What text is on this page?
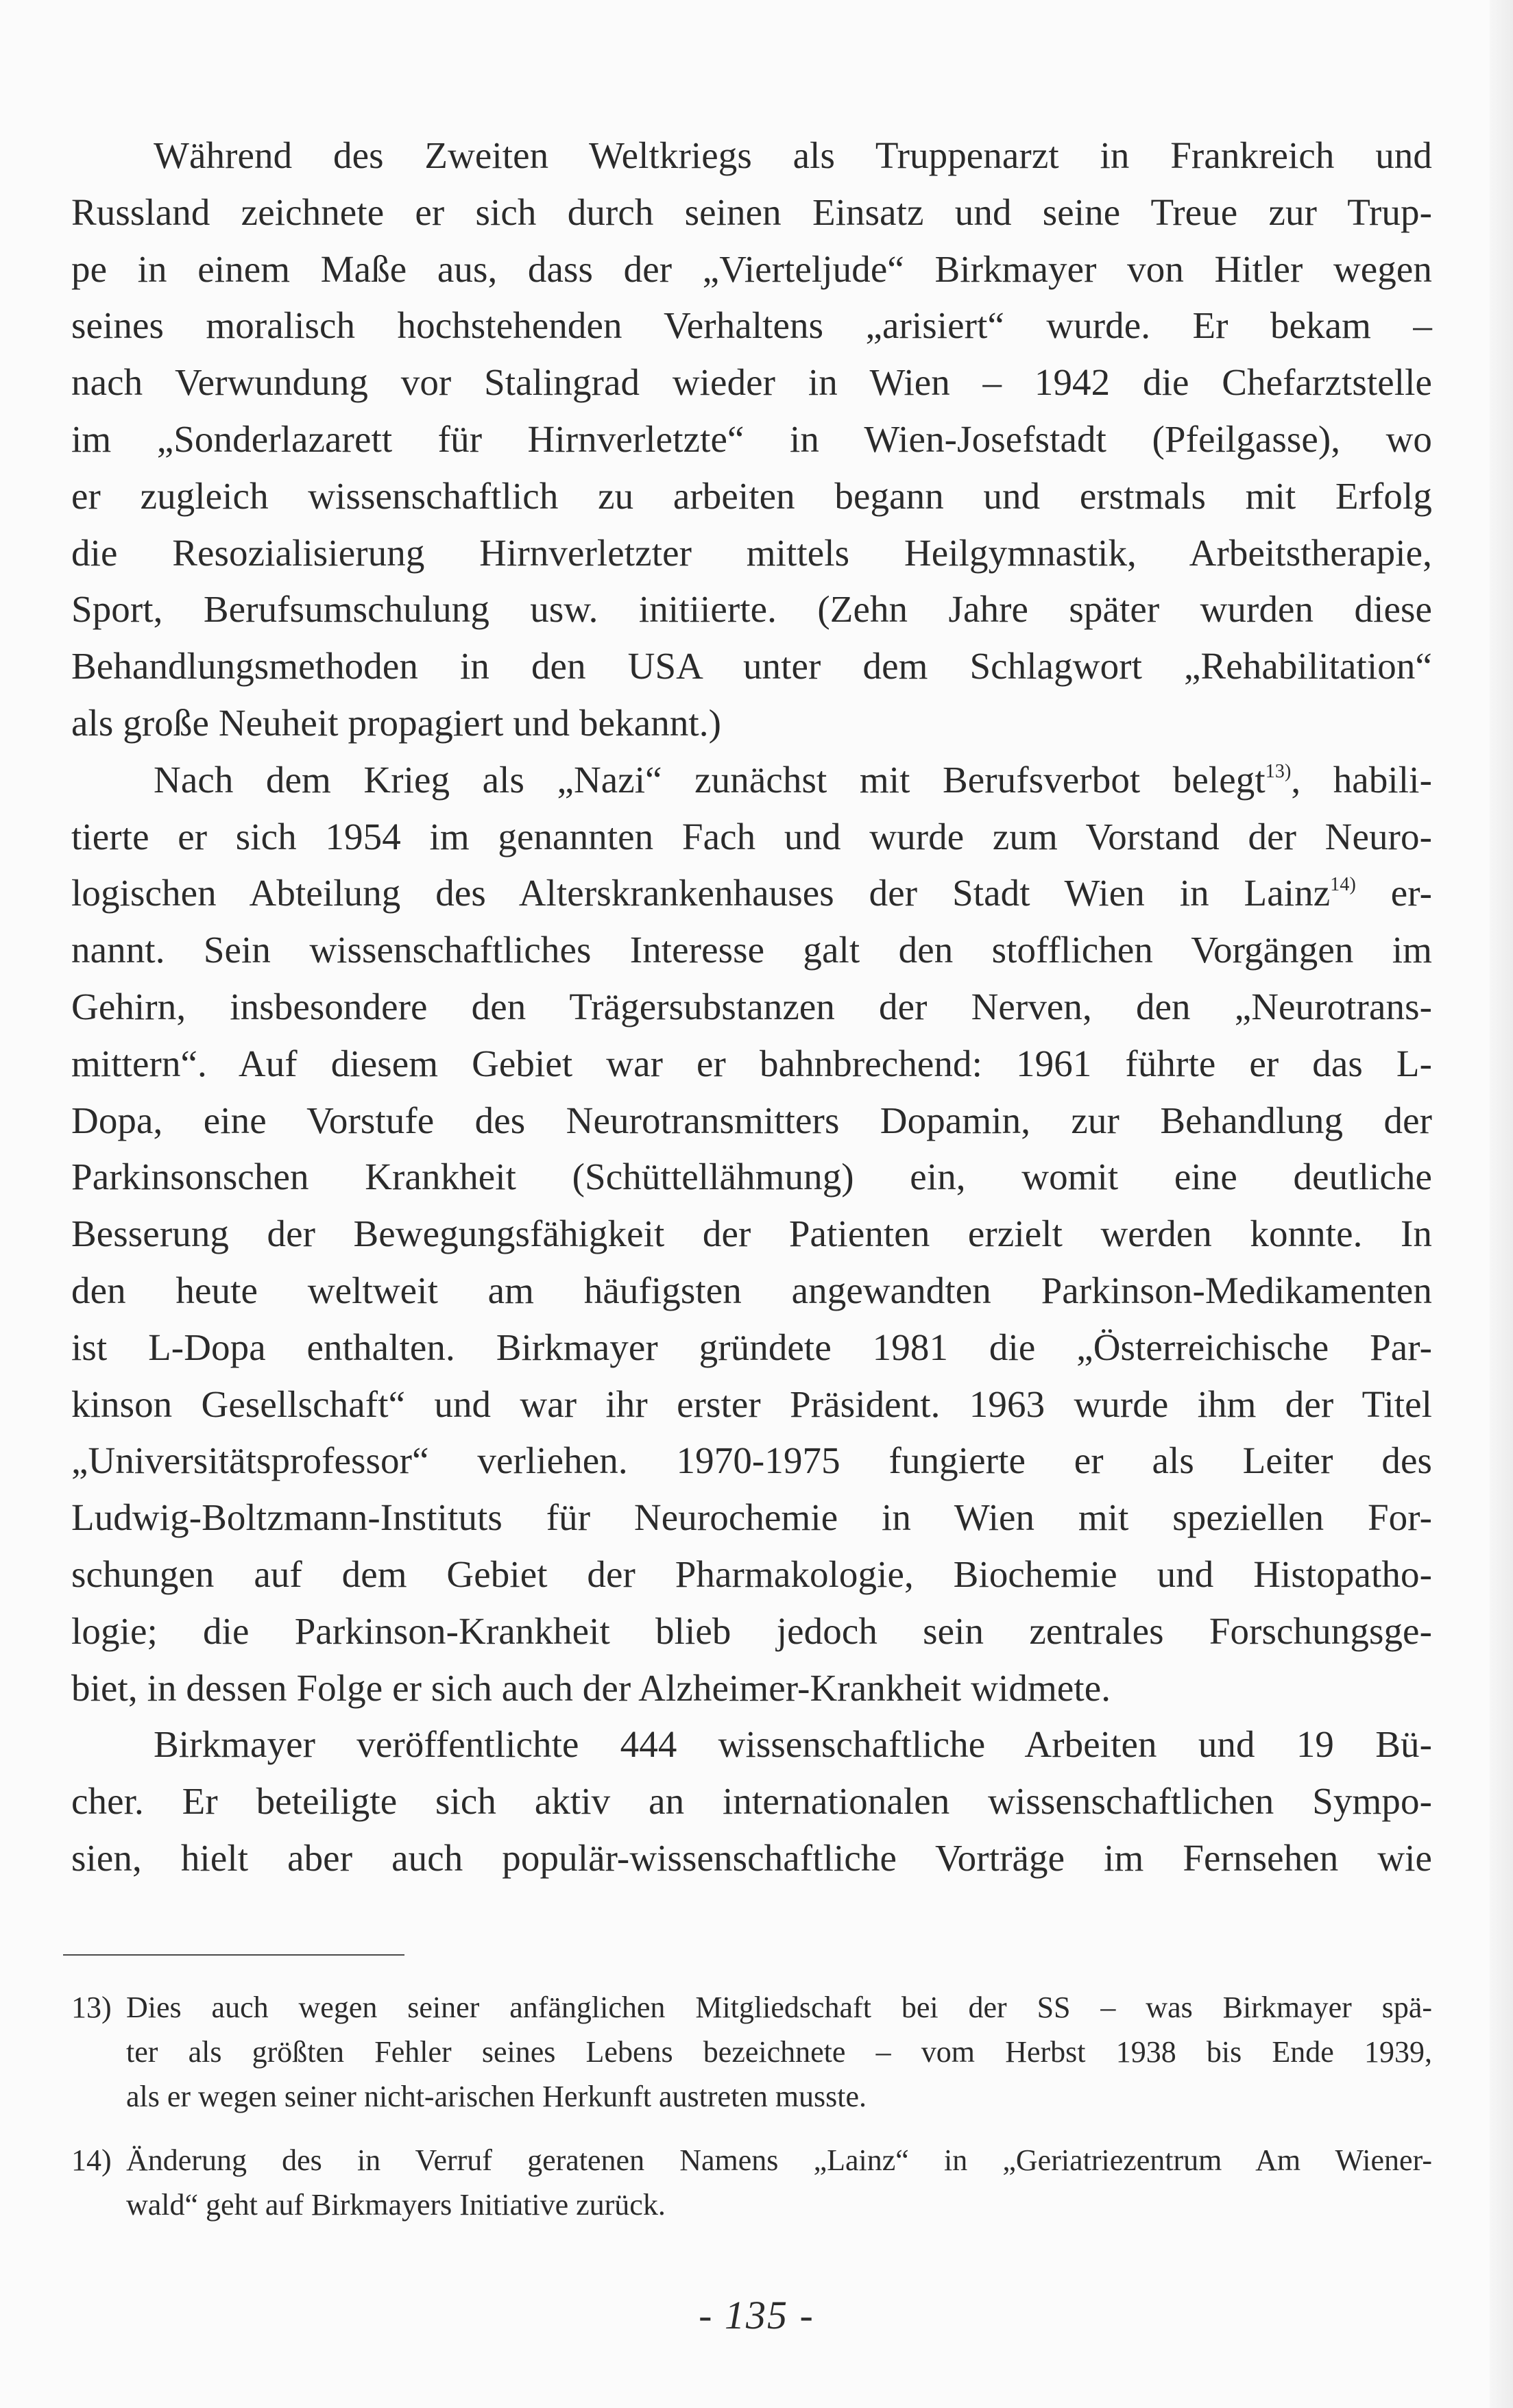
Während des Zweiten Weltkriegs als Truppenarzt in Frankreich und
Russland zeichnete er sich durch seinen Einsatz und seine Treue zur Trup-
pe in einem Maße aus, dass der „Vierteljude“ Birkmayer von Hitler wegen
seines moralisch hochstehenden Verhaltens „arisiert“ wurde. Er bekam –
nach Verwundung vor Stalingrad wieder in Wien – 1942 die Chefarztstelle
im „Sonderlazarett für Hirnverletzte“ in Wien-Josefstadt (Pfeilgasse), wo
er zugleich wissenschaftlich zu arbeiten begann und erstmals mit Erfolg
die Resozialisierung Hirnverletzter mittels Heilgymnastik, Arbeitstherapie,
Sport, Berufsumschulung usw. initiierte. (Zehn Jahre später wurden diese
Behandlungsmethoden in den USA unter dem Schlagwort „Rehabilitation“
als große Neuheit propagiert und bekannt.)
Nach dem Krieg als „Nazi“ zunächst mit Berufsverbot belegt$^{13)}$, habili-
tierte er sich 1954 im genannten Fach und wurde zum Vorstand der Neuro-
logischen Abteilung des Alterskrankenhauses der Stadt Wien in Lainz$^{14)}$ er-
nannt. Sein wissenschaftliches Interesse galt den stofflichen Vorgängen im
Gehirn, insbesondere den Trägersubstanzen der Nerven, den „Neurotrans-
mittern“. Auf diesem Gebiet war er bahnbrechend: 1961 führte er das L-
Dopa, eine Vorstufe des Neurotransmitters Dopamin, zur Behandlung der
Parkinsonschen Krankheit (Schüttellähmung) ein, womit eine deutliche
Besserung der Bewegungsfähigkeit der Patienten erzielt werden konnte. In
den heute weltweit am häufigsten angewandten Parkinson-Medikamenten
ist L-Dopa enthalten. Birkmayer gründete 1981 die „Österreichische Par-
kinson Gesellschaft“ und war ihr erster Präsident. 1963 wurde ihm der Titel
„Universitätsprofessor“ verliehen. 1970-1975 fungierte er als Leiter des
Ludwig-Boltzmann-Instituts für Neurochemie in Wien mit speziellen For-
schungen auf dem Gebiet der Pharmakologie, Biochemie und Histopatho-
logie; die Parkinson-Krankheit blieb jedoch sein zentrales Forschungsge-
biet, in dessen Folge er sich auch der Alzheimer-Krankheit widmete.
Birkmayer veröffentlichte 444 wissenschaftliche Arbeiten und 19 Bü-
cher. Er beteiligte sich aktiv an internationalen wissenschaftlichen Sympo-
sien, hielt aber auch populär-wissenschaftliche Vorträge im Fernsehen wie
13) Dies auch wegen seiner anfänglichen Mitgliedschaft bei der SS – was Birkmayer spä-
ter als größten Fehler seines Lebens bezeichnete – vom Herbst 1938 bis Ende 1939,
als er wegen seiner nicht-arischen Herkunft austreten musste.
14) Änderung des in Verruf geratenen Namens „Lainz“ in „Geriatriezentrum Am Wiener-
wald“ geht auf Birkmayers Initiative zurück.
- 135 -
